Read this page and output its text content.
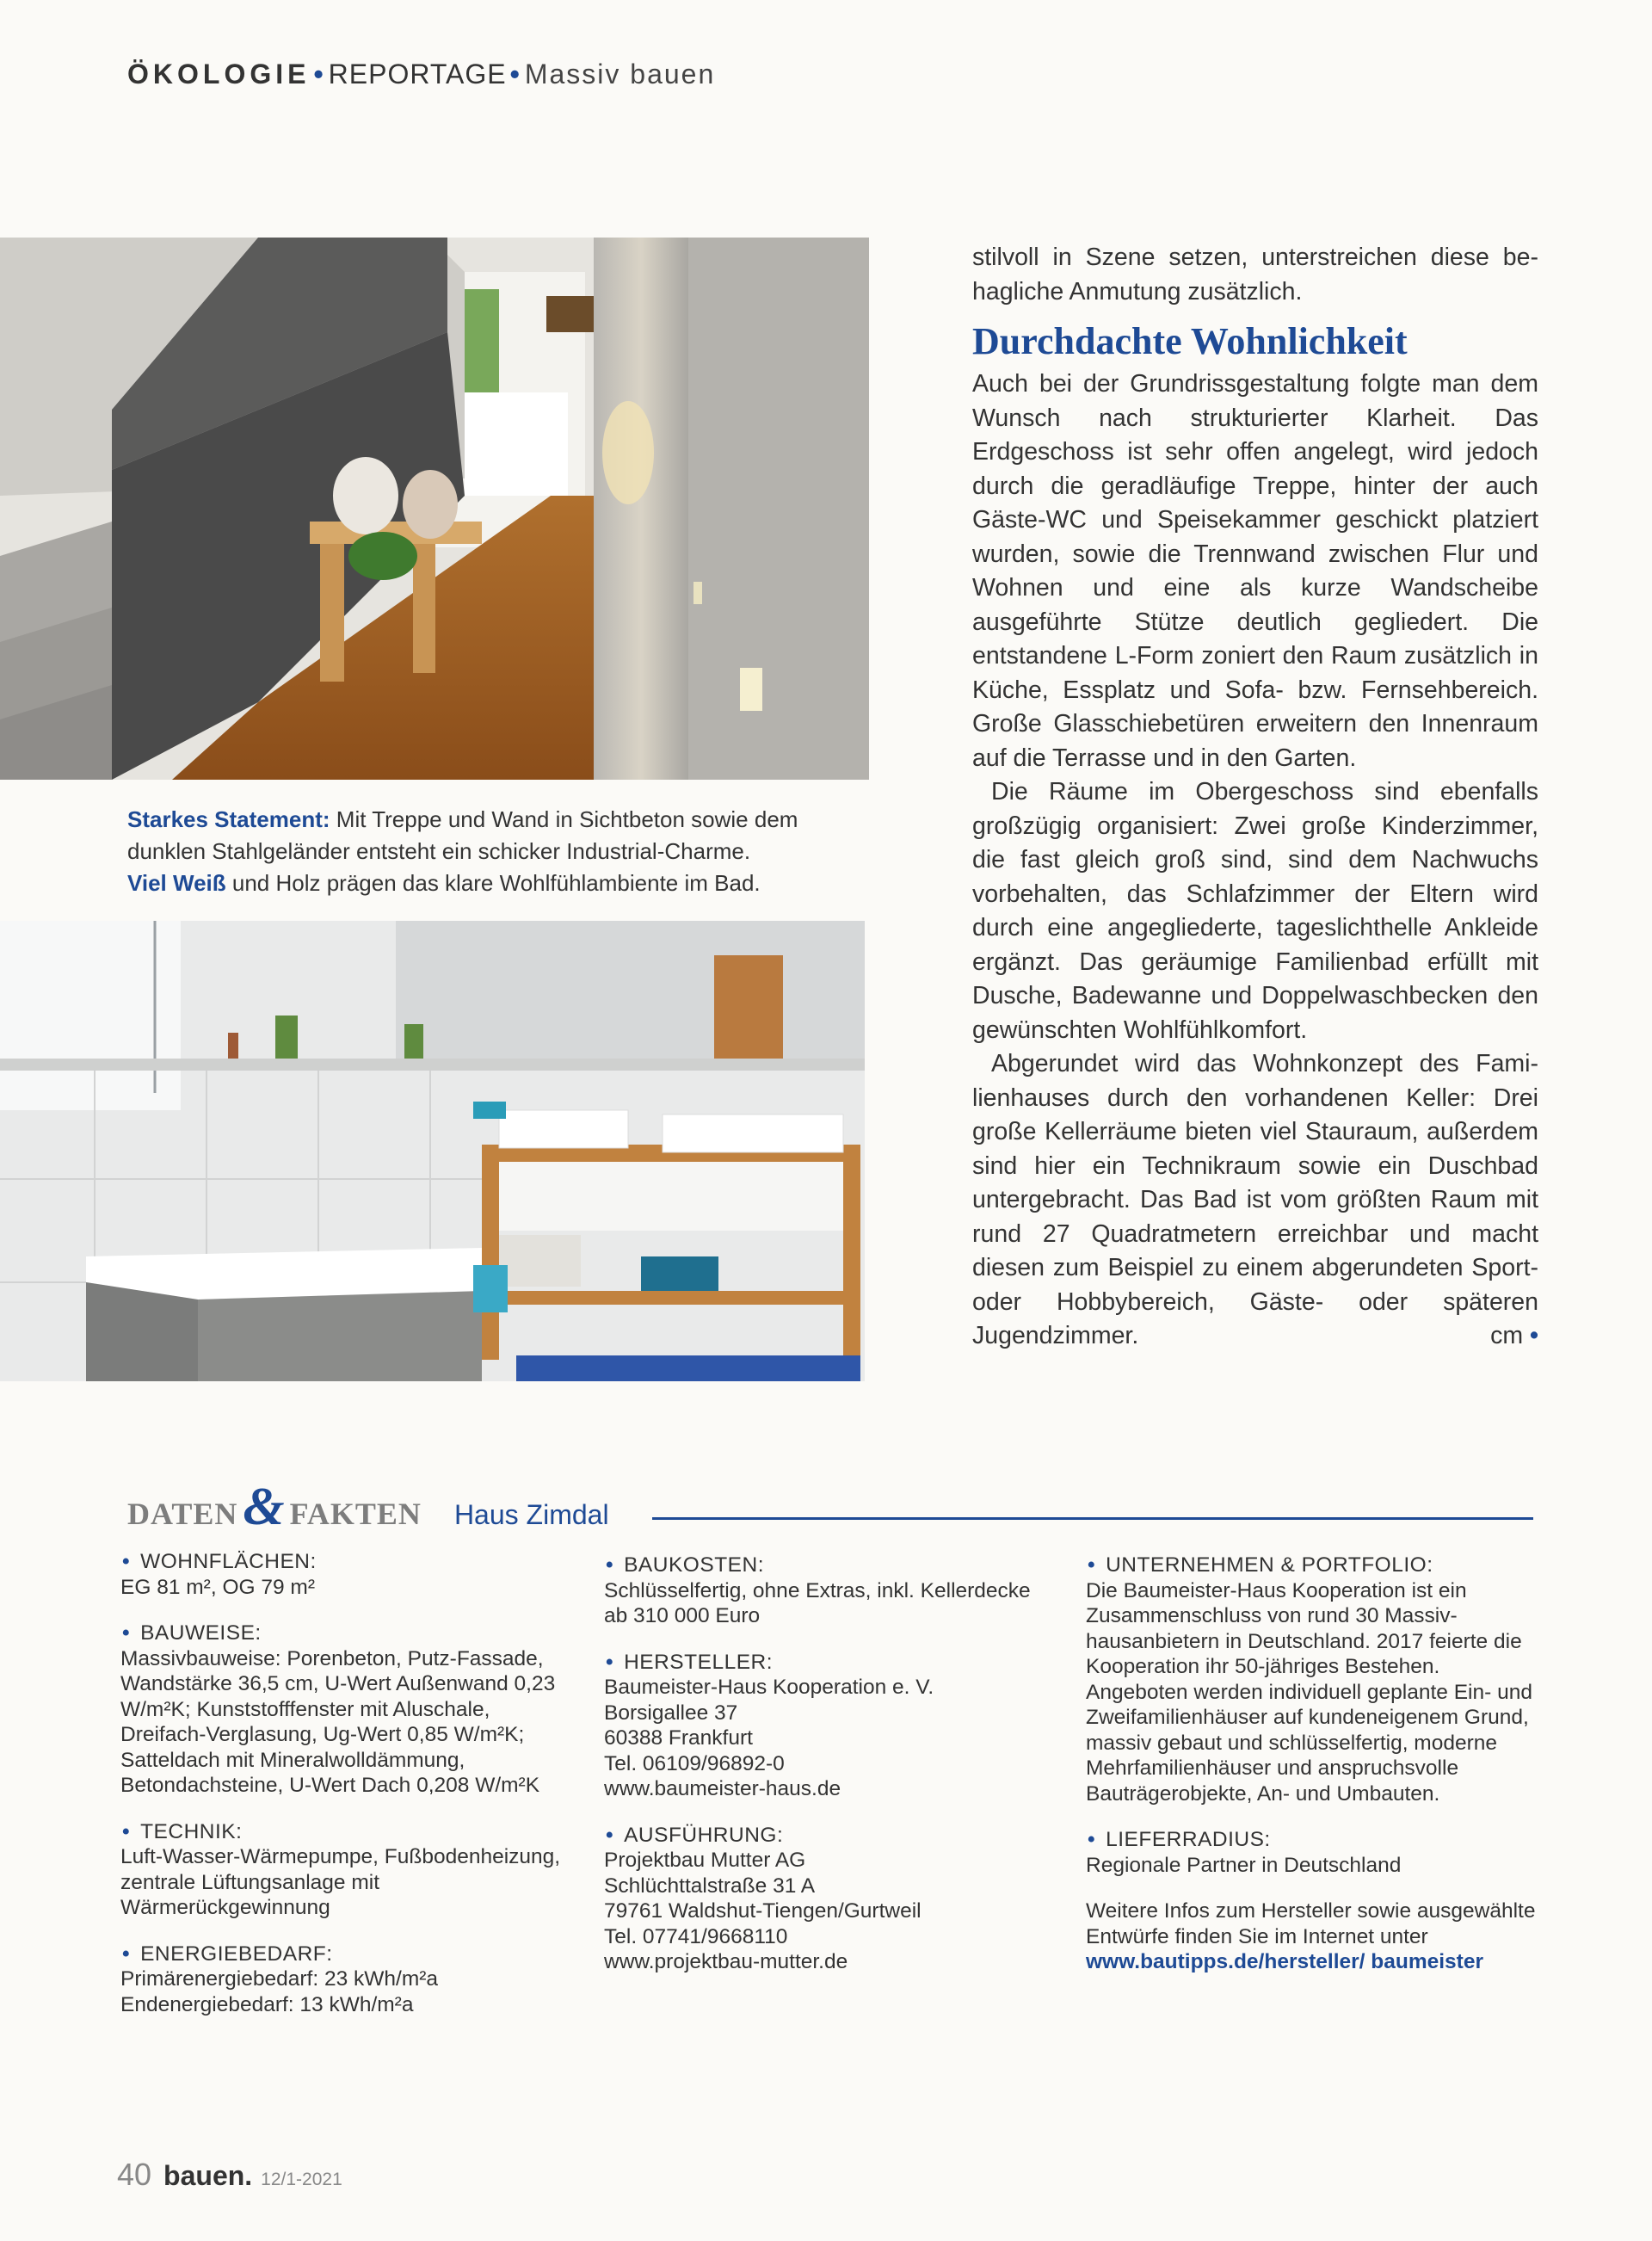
ÖKOLOGIE • REPORTAGE • Massiv bauen
Starkes Statement: Mit Treppe und Wand in Sichtbeton sowie dem dunklen Stahlgeländer entsteht ein schicker Industrial-Charme.
Viel Weiß und Holz prägen das klare Wohlfühlambiente im Bad.

stilvoll in Szene setzen, unterstreichen diese behagliche Anmutung zusätzlich.

Durchdachte Wohnlichkeit

Auch bei der Grundrissgestaltung folgte man dem Wunsch nach strukturierter Klarheit. Das Erdgeschoss ist sehr offen angelegt, wird jedoch durch die geradläufige Treppe, hinter der auch Gäste-WC und Speisekammer geschickt platziert wurden, sowie die Trennwand zwischen Flur und Wohnen und eine als kurze Wandscheibe ausgeführte Stütze deutlich gegliedert. Die entstandene L-Form zoniert den Raum zusätzlich in Küche, Essplatz und Sofa- bzw. Fernsehbereich. Große Glasschiebetüren erweitern den Innenraum auf die Terrasse und in den Garten.

Die Räume im Obergeschoss sind ebenfalls großzügig organisiert: Zwei große Kinderzimmer, die fast gleich groß sind, sind dem Nachwuchs vorbehalten, das Schlafzimmer der Eltern wird durch eine angegliederte, tageslichthelle Ankleide ergänzt. Das geräumige Familienbad erfüllt mit Dusche, Badewanne und Doppelwaschbecken den gewünschten Wohlfühlkomfort.

Abgerundet wird das Wohnkonzept des Familienhauses durch den vorhandenen Keller: Drei große Kellerräume bieten viel Stauraum, außerdem sind hier ein Technikraum sowie ein Duschbad untergebracht. Das Bad ist vom größten Raum mit rund 27 Quadratmetern erreichbar und macht diesen zum Beispiel zu einem abgerundeten Sport- oder Hobbybereich, Gäste- oder späteren Jugendzimmer.	cm •

DATEN & FAKTEN Haus Zimdal
• WOHNFLÄCHEN:
EG 81 m², OG 79 m²
• BAUWEISE:
Massivbauweise: Porenbeton, Putz-Fassade, Wandstärke 36,5 cm, U-Wert Außenwand 0,23 W/m²K; Kunststofffenster mit Aluschale, Dreifach-Verglasung, Ug-Wert 0,85 W/m²K; Satteldach mit Mineralwolldämmung, Betondachsteine, U-Wert Dach 0,208 W/m²K
• TECHNIK:
Luft-Wasser-Wärmepumpe, Fußbodenheizung, zentrale Lüftungsanlage mit Wärmerückgewinnung
• ENERGIEBEDARF:
Primärenergiebedarf: 23 kWh/m²a
Endenergiebedarf: 13 kWh/m²a
• BAUKOSTEN:
Schlüsselfertig, ohne Extras, inkl. Kellerdecke ab 310 000 Euro
• HERSTELLER:
Baumeister-Haus Kooperation e. V.
Borsigallee 37
60388 Frankfurt
Tel. 06109/96892-0
www.baumeister-haus.de
• AUSFÜHRUNG:
Projektbau Mutter AG
Schlüchttalstraße 31 A
79761 Waldshut-Tiengen/Gurtweil
Tel. 07741/9668110
www.projektbau-mutter.de
• UNTERNEHMEN & PORTFOLIO:
Die Baumeister-Haus Kooperation ist ein Zusammenschluss von rund 30 Massivhausanbietern in Deutschland. 2017 feierte die Kooperation ihr 50-jähriges Bestehen. Angeboten werden individuell geplante Ein- und Zweifamilienhäuser auf kundeneigenem Grund, massiv gebaut und schlüsselfertig, moderne Mehrfamilienhäuser und anspruchsvolle Bauträgerobjekte, An- und Umbauten.
• LIEFERRADIUS:
Regionale Partner in Deutschland
Weitere Infos zum Hersteller sowie ausgewählte Entwürfe finden Sie im Internet unter www.bautipps.de/hersteller/ baumeister
40 bauen. 12/1-2021
